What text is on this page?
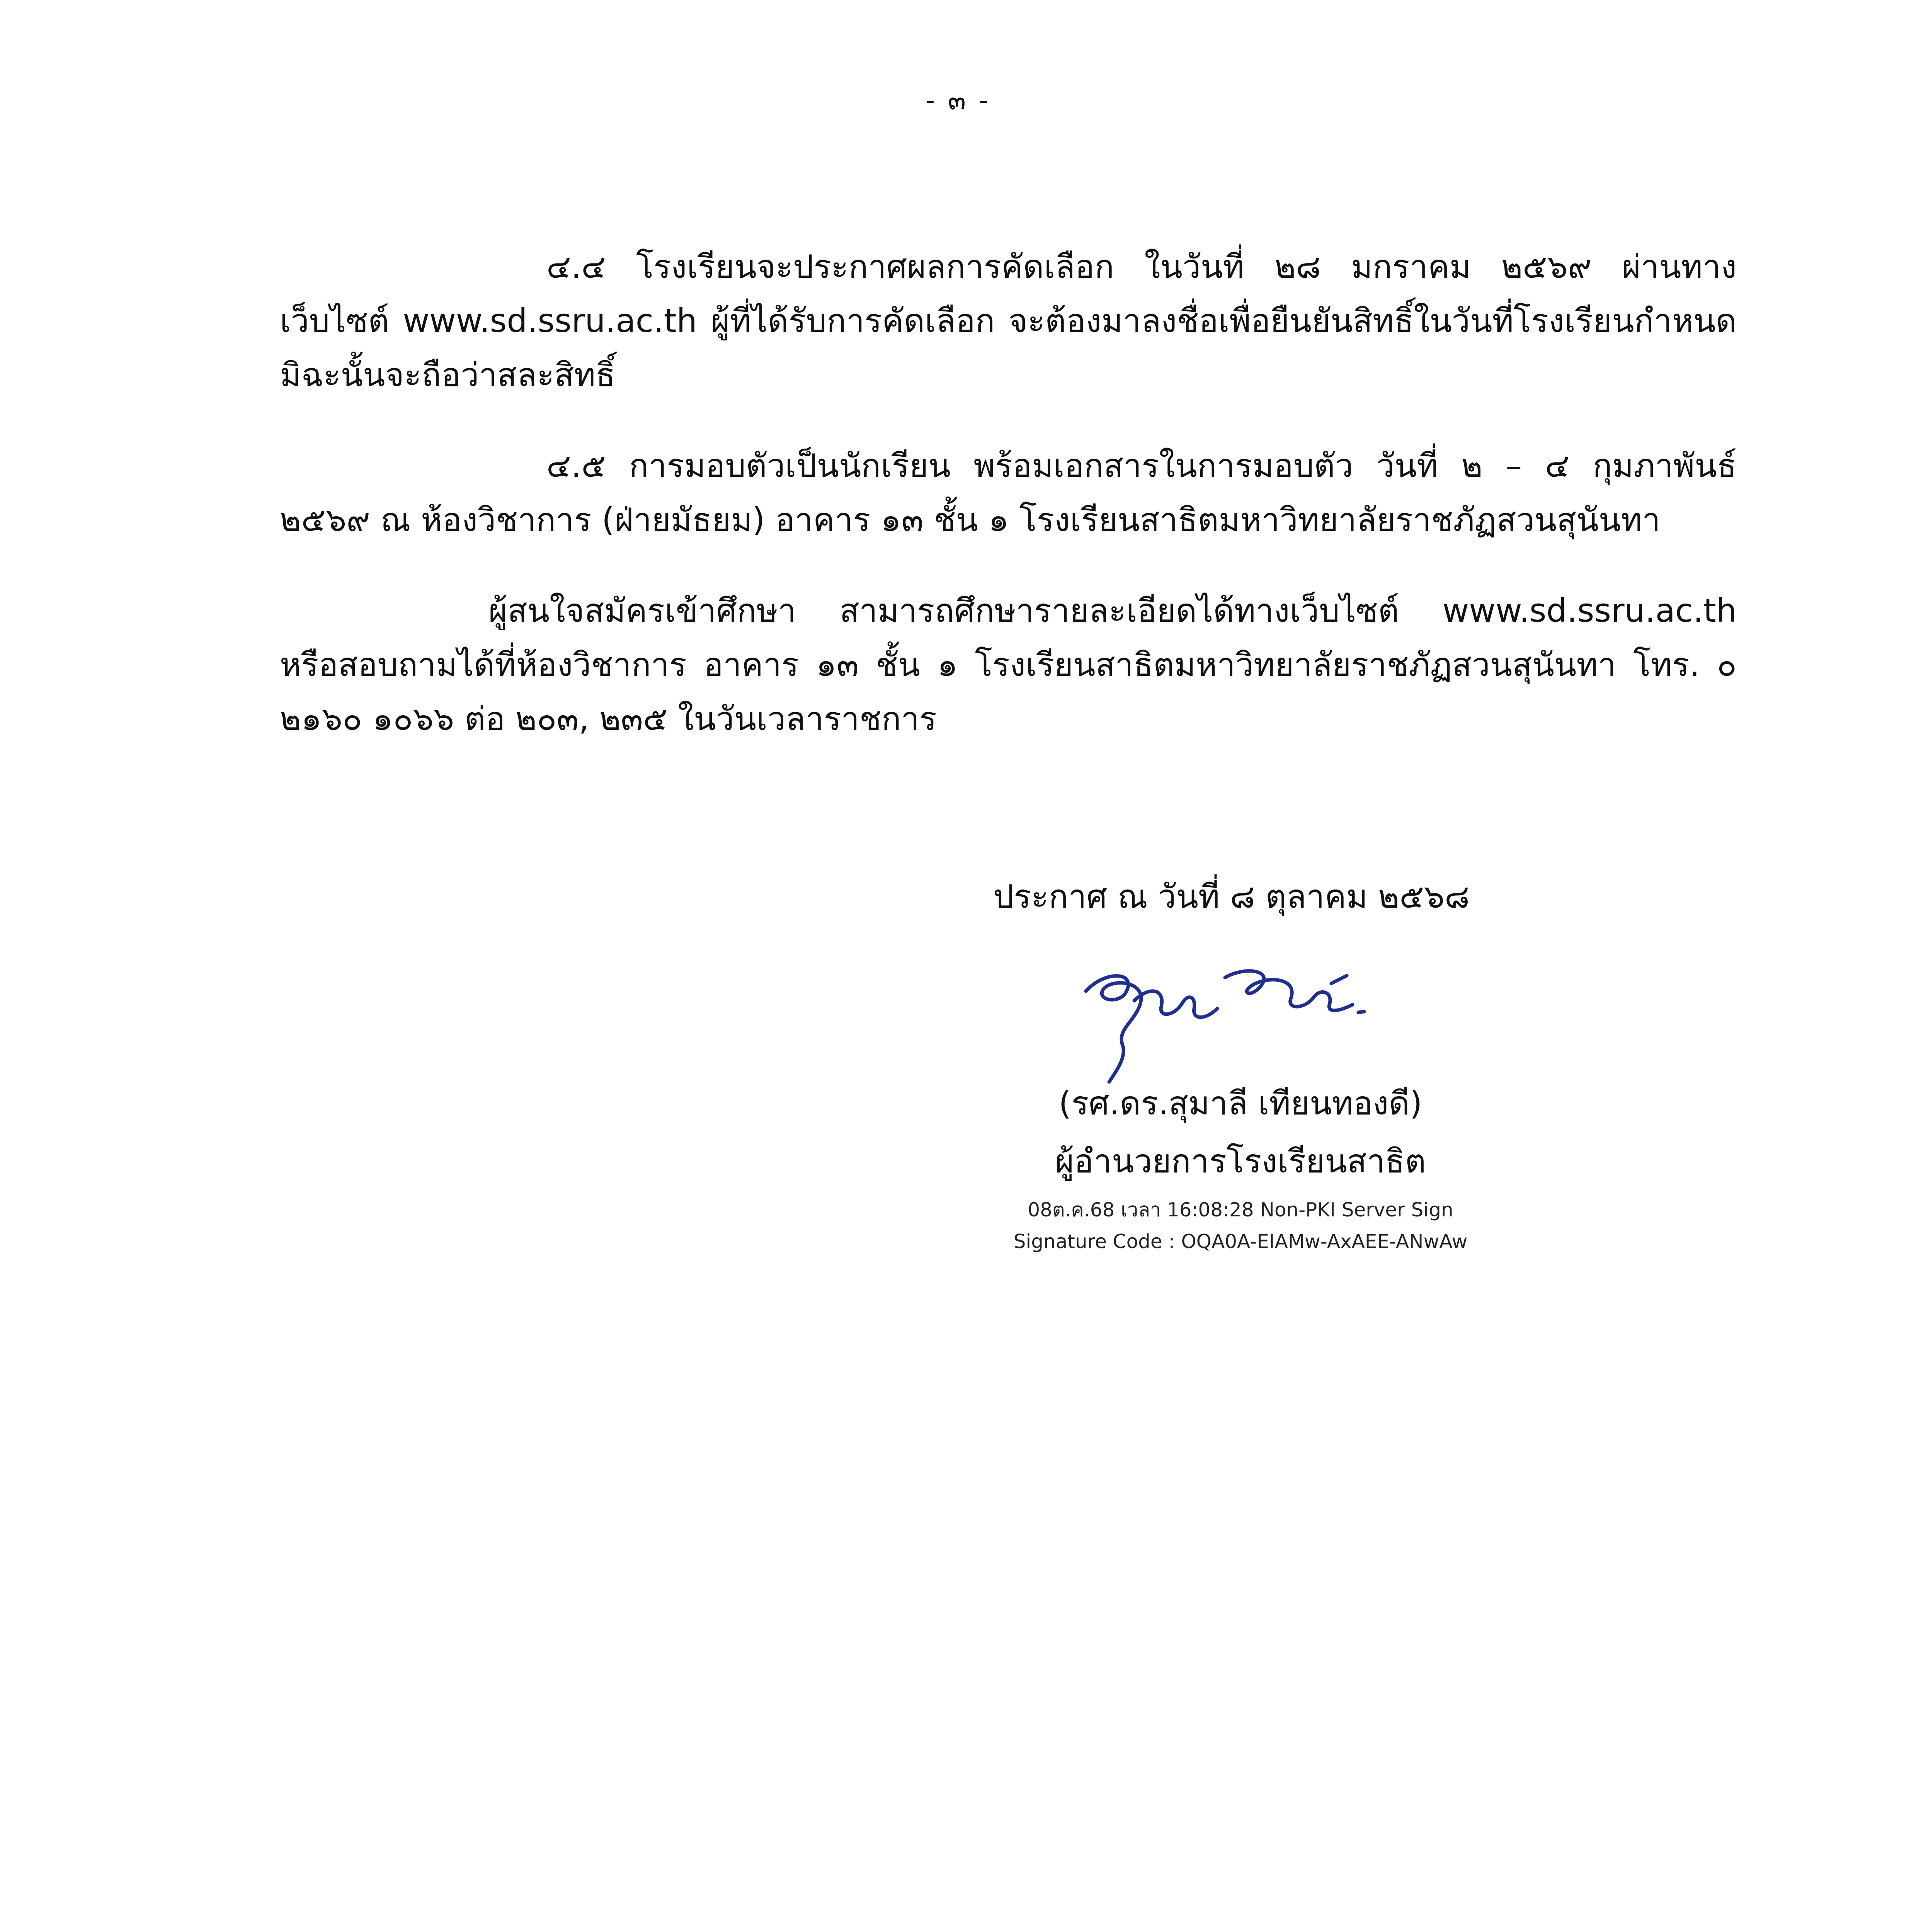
- ๓ -

๔.๔ โรงเรียนจะประกาศผลการคัดเลือก ในวันที่ ๒๘ มกราคม ๒๕๖๙ ผ่านทาง เว็บไซต์ www.sd.ssru.ac.th ผู้ที่ได้รับการคัดเลือก จะต้องมาลงชื่อเพื่อยืนยันสิทธิ์ในวันที่โรงเรียนกำหนด มิฉะนั้นจะถือว่าสละสิทธิ์

๔.๕ การมอบตัวเป็นนักเรียน พร้อมเอกสารในการมอบตัว วันที่ ๒ – ๔ กุมภาพันธ์ ๒๕๖๙ ณ ห้องวิชาการ (ฝ่ายมัธยม) อาคาร ๑๓ ชั้น ๑ โรงเรียนสาธิตมหาวิทยาลัยราชภัฏสวนสุนันทา

ผู้สนใจสมัครเข้าศึกษา สามารถศึกษารายละเอียดได้ทางเว็บไซต์ www.sd.ssru.ac.th หรือสอบถามได้ที่ห้องวิชาการ อาคาร ๑๓ ชั้น ๑ โรงเรียนสาธิตมหาวิทยาลัยราชภัฏสวนสุนันทา โทร. ๐ ๒๑๖๐ ๑๐๖๖ ต่อ ๒๐๓, ๒๓๕ ในวันเวลาราชการ

ประกาศ ณ วันที่ ๘ ตุลาคม ๒๕๖๘
(รศ.ดร.สุมาลี เทียนทองดี)
ผู้อำนวยการโรงเรียนสาธิต
08ต.ค.68 เวลา 16:08:28 Non-PKI Server Sign
Signature Code : OQA0A-EIAMw-AxAEE-ANwAw
